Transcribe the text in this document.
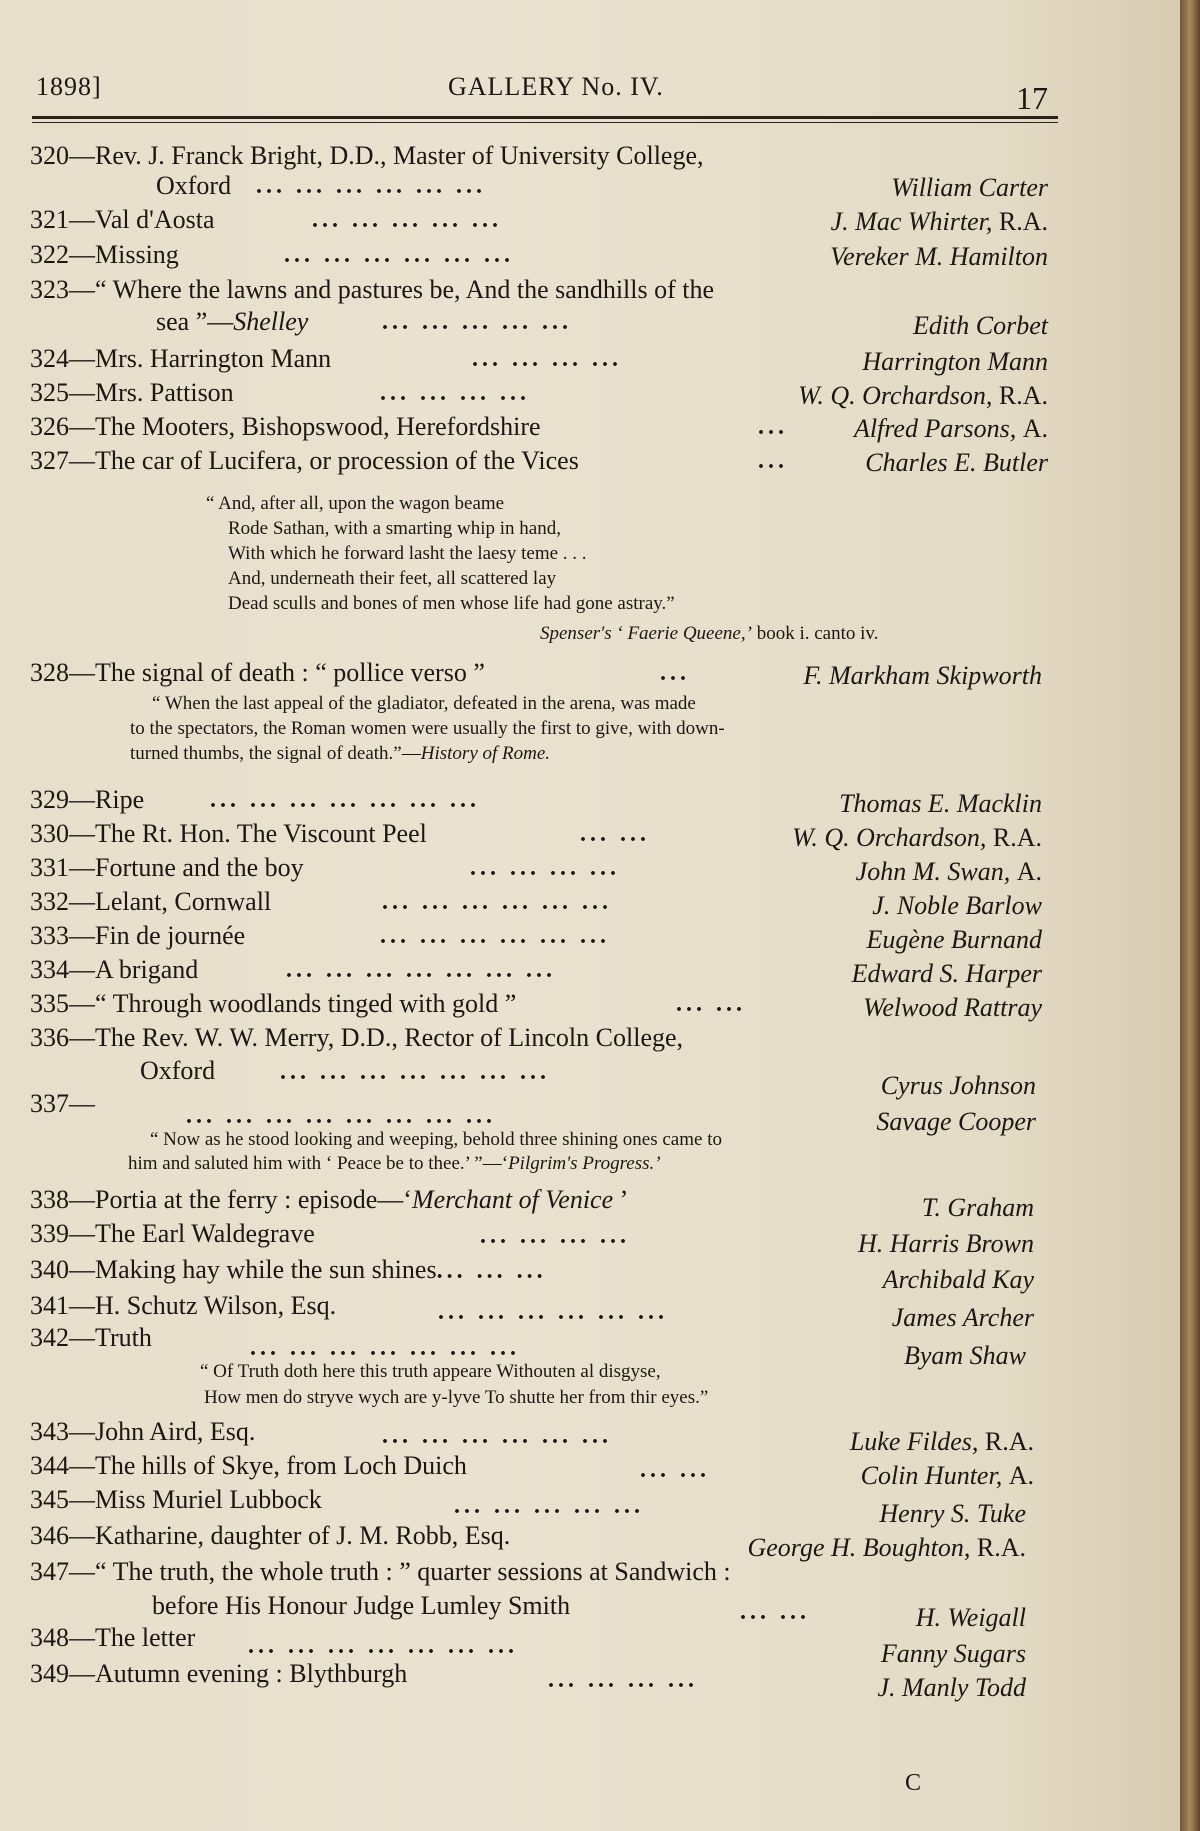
1898]	GALLERY No. IV.	17
320—Rev. J. Franck Bright, D.D., Master of University College,
Oxford ... ... ... ... ... ...	William Carter
321—Val d'Aosta	... ... ... ... ...	J. Mac Whirter, R.A.
322—Missing	... ... ... ... ... ...	Vereker M. Hamilton
323—“ Where the lawns and pastures be, And the sandhills of the
sea ”—Shelley	... ... ... ... ...	Edith Corbet
324—Mrs. Harrington Mann	... ... ... ...	Harrington Mann
325—Mrs. Pattison	... ... ... ...	W. Q. Orchardson, R.A.
326—The Mooters, Bishopswood, Herefordshire	...	Alfred Parsons, A.
327—The car of Lucifera, or procession of the Vices	...	Charles E. Butler
“ And, after all, upon the wagon beame
Rode Sathan, with a smarting whip in hand,
With which he forward lasht the laesy teme . . .
And, underneath their feet, all scattered lay
Dead sculls and bones of men whose life had gone astray.”
Spenser's ‘ Faerie Queene,’ book i. canto iv.
328—The signal of death : “ pollice verso ”	...	F. Markham Skipworth
“ When the last appeal of the gladiator, defeated in the arena, was made
to the spectators, the Roman women were usually the first to give, with down-
turned thumbs, the signal of death.”—History of Rome.
329—Ripe	... ... ... ... ... ... ...	Thomas E. Macklin
330—The Rt. Hon. The Viscount Peel	... ...	W. Q. Orchardson, R.A.
331—Fortune and the boy	... ... ... ...	John M. Swan, A.
332—Lelant, Cornwall	... ... ... ... ... ...	J. Noble Barlow
333—Fin de journée	... ... ... ... ... ...	Eugène Burnand
334—A brigand	... ... ... ... ... ... ...	Edward S. Harper
335—“ Through woodlands tinged with gold ”	... ...	Welwood Rattray
336—The Rev. W. W. Merry, D.D., Rector of Lincoln College,
Oxford	... ... ... ... ... ... ...	Cyrus Johnson
337—	... ... ... ... ... ... ... ...	Savage Cooper
“ Now as he stood looking and weeping, behold three shining ones came to
him and saluted him with ‘ Peace be to thee.’ ”—‘Pilgrim's Progress.’
338—Portia at the ferry : episode—‘Merchant of Venice ’	T. Graham
339—The Earl Waldegrave	... ... ... ...	H. Harris Brown
340—Making hay while the sun shines... ... ...	Archibald Kay
341—H. Schutz Wilson, Esq.	... ... ... ... ... ...	James Archer
342—Truth	... ... ... ... ... ... ...	Byam Shaw
“ Of Truth doth here this truth appeare Withouten al disgyse,
How men do stryve wych are y-lyve To shutte her from thir eyes.”
343—John Aird, Esq.	... ... ... ... ... ...	Luke Fildes, R.A.
344—The hills of Skye, from Loch Duich	... ...	Colin Hunter, A.
345—Miss Muriel Lubbock	... ... ... ... ...	Henry S. Tuke
346—Katharine, daughter of J. M. Robb, Esq.	George H. Boughton, R.A.
347—“ The truth, the whole truth : ” quarter sessions at Sandwich :
before His Honour Judge Lumley Smith	... ...	H. Weigall
348—The letter ... ... ... ... ... ... ...	Fanny Sugars
349—Autumn evening : Blythburgh	... ... ... ...	J. Manly Todd
C
